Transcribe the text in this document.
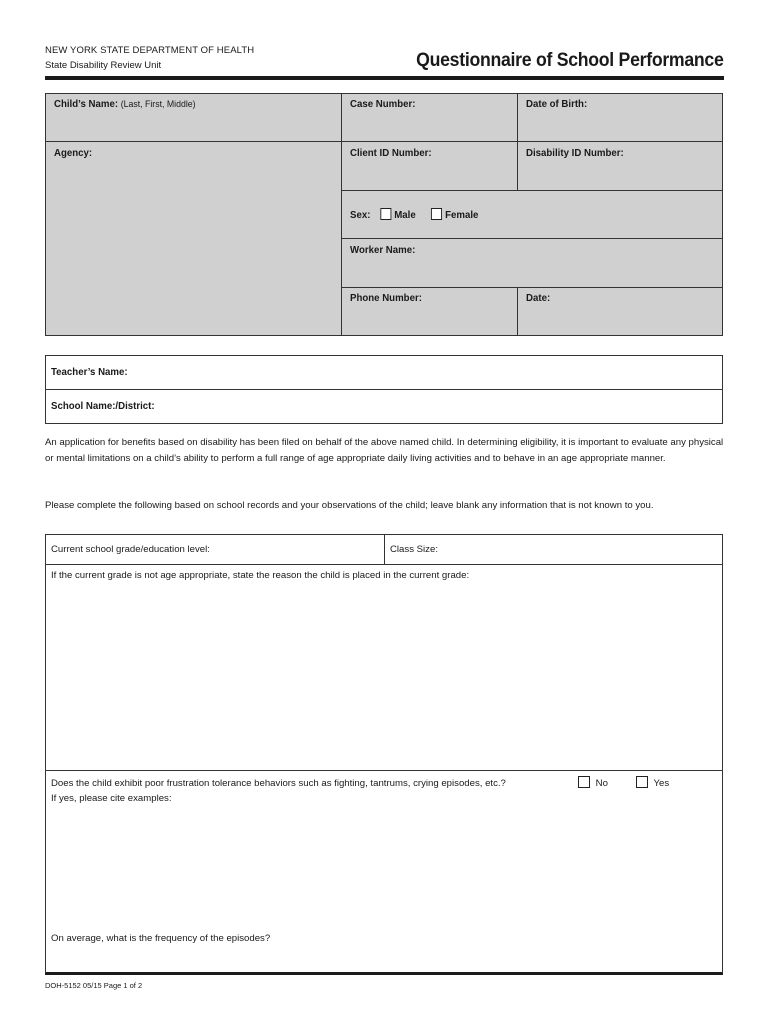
NEW YORK STATE DEPARTMENT OF HEALTH
State Disability Review Unit	Questionnaire of School Performance
Child’s Name: (Last, First, Middle)	Case Number:	Date of Birth:
Agency:	Client ID Number:	Disability ID Number:
Sex: Male	Female
Worker Name:
Phone Number:	Date:
Teacher’s Name:
School Name:/District:
An application for benefits based on disability has been filed on behalf of the above named child. In determining eligibility, it is important to evaluate any physical or mental limitations on a child’s ability to perform a full range of age appropriate daily living activities and to behave in an age appropriate manner.
Please complete the following based on school records and your observations of the child; leave blank any information that is not known to you.
Current school grade/education level:	Class Size:
If the current grade is not age appropriate, state the reason the child is placed in the current grade:
Does the child exhibit poor frustration tolerance behaviors such as fighting, tantrums, crying episodes, etc.?	No	Yes
If yes, please cite examples:
On average, what is the frequency of the episodes?
DOH-5152 05/15 Page 1 of 2
